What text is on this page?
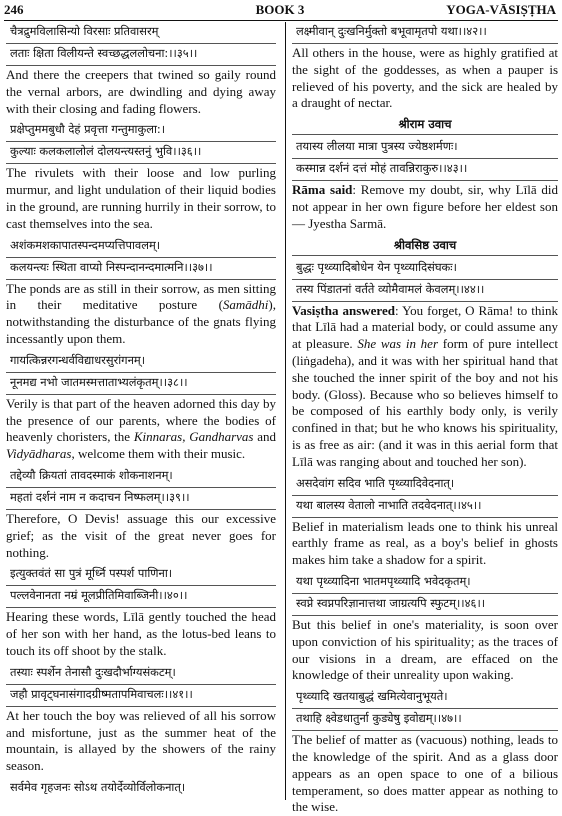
246	BOOK 3	YOGA-VĀSIṢṬHA
चैत्रद्रुमविलासिन्यो विरसाः प्रतिवासरम्
लताः क्षिता विलीयन्ते स्वच्छद्धललोचना:।।३५।।
And there the creepers that twined so gaily round the vernal arbors, are dwindling and dying away with their closing and fading flowers.
प्रक्षेप्तुममबुधौ देहं प्रवृत्ता गन्तुमाकुला:।
कुल्याः कलकलालोलं दोलयन्त्यस्तनुं भुवि।।३६।।
The rivulets with their loose and low purling murmur, and light undulation of their liquid bodies in the ground, are running hurrily in their sorrow, to cast themselves into the sea.
अशंकमशकापातस्पन्दमप्यत्तिपावलम्।
कलयन्त्यः स्थिता वाप्यो निस्पन्दानन्दमात्मनि।।३७।।
The ponds are as still in their sorrow, as men sitting in their meditative posture (Samādhi), notwithstanding the disturbance of the gnats flying incessantly upon them.
गायत्किन्नरगन्धर्वविद्याधरसुरांगनम्।
नूनमद्य नभो जातमस्मत्ताताभ्यलंकृतम्।।३८।।
Verily is that part of the heaven adorned this day by the presence of our parents, where the bodies of heavenly choristers, the Kinnaras, Gandharvas and Vidyādharas, welcome them with their music.
तद्देव्यौ क्रियतां तावदस्माकं शोकनाशनम्।
महतां दर्शनं नाम न कदाचन निष्फलम्।।३९।।
Therefore, O Devis! assuage this our excessive grief; as the visit of the great never goes for nothing.
इत्युक्तवंतं सा पुत्रं मूर्ध्नि पस्पर्श पाणिना।
पल्लवेनानता नम्रं मूलप्रीतिमिवाब्जिनी।।४०।।
Hearing these words, Līlā gently touched the head of her son with her hand, as the lotus-bed leans to touch its off shoot by the stalk.
तस्याः स्पर्शेन तेनासौ दुःखदौर्भाग्यसंकटम्।
जहौ प्रावृट्घनासंगादग्रीष्मतापमिवाचलः।।४१।।
At her touch the boy was relieved of all his sorrow and misfortune, just as the summer heat of the mountain, is allayed by the showers of the rainy season.
सर्वमेव गृहजनः सोऽथ तयोर्देव्योर्विलोकनात्।
लक्ष्मीवान् दुःखनिर्मुक्तो बभूवामृतपो यथा।।४२।।
All others in the house, were as highly gratified at the sight of the goddesses, as when a pauper is relieved of his poverty, and the sick are healed by a draught of nectar.
श्रीराम उवाच
तयास्य लीलया मात्रा पुत्रस्य ज्येष्ठशर्मणः।
कस्मान्न दर्शनं दत्तं मोहं तावन्निराकुरु।।४३।।
Rāma said: Remove my doubt, sir, why Līlā did not appear in her own figure before her eldest son— Jyestha Sarmā.
श्रीवसिष्ठ उवाच
बुद्धः पृथ्व्यादिबोधेन येन पृथ्व्यादिसंघकः।
तस्य पिंडातनां वर्तते व्योमैवामलं केवलम्।।४४।।
Vasiṣtha answered: You forget, O Rāma! to think that Līlā had a material body, or could assume any at pleasure. She was in her form of pure intellect (liṅgadeha), and it was with her spiritual hand that she touched the inner spirit of the boy and not his body. (Gloss). Because who so believes himself to be composed of his earthly body only, is verily confined in that; but he who knows his spirituality, is as free as air: (and it was in this aerial form that Līlā was ranging about and touched her son).
असदेवांग सदिव भाति पृथ्व्यादिवेदनात्।
यथा बालस्य वेतालो नाभाति तदवेदनात्।।४५।।
Belief in materialism leads one to think his unreal earthly frame as real, as a boy's belief in ghosts makes him take a shadow for a spirit.
यथा पृथ्व्यादिना भातमपृथ्व्यादि भवेदकृतम्।
स्वप्ने स्वप्नपरिज्ञानात्तथा जाग्रत्यपि स्फुटम्।।४६।।
But this belief in one's materiality, is soon over upon conviction of his spirituality; as the traces of our visions in a dream, are effaced on the knowledge of their unreality upon waking.
पृथ्व्यादि खतयाबुद्धं खमित्येवानुभूयते।
तथाहि क्ष्वेडधातुर्ना कुड्येषु इवोद्यम्।।४७।।
The belief of matter as (vacuous) nothing, leads to the knowledge of the spirit. And as a glass door appears as an open space to one of a bilious temperament, so does matter appear as nothing to the wise.
